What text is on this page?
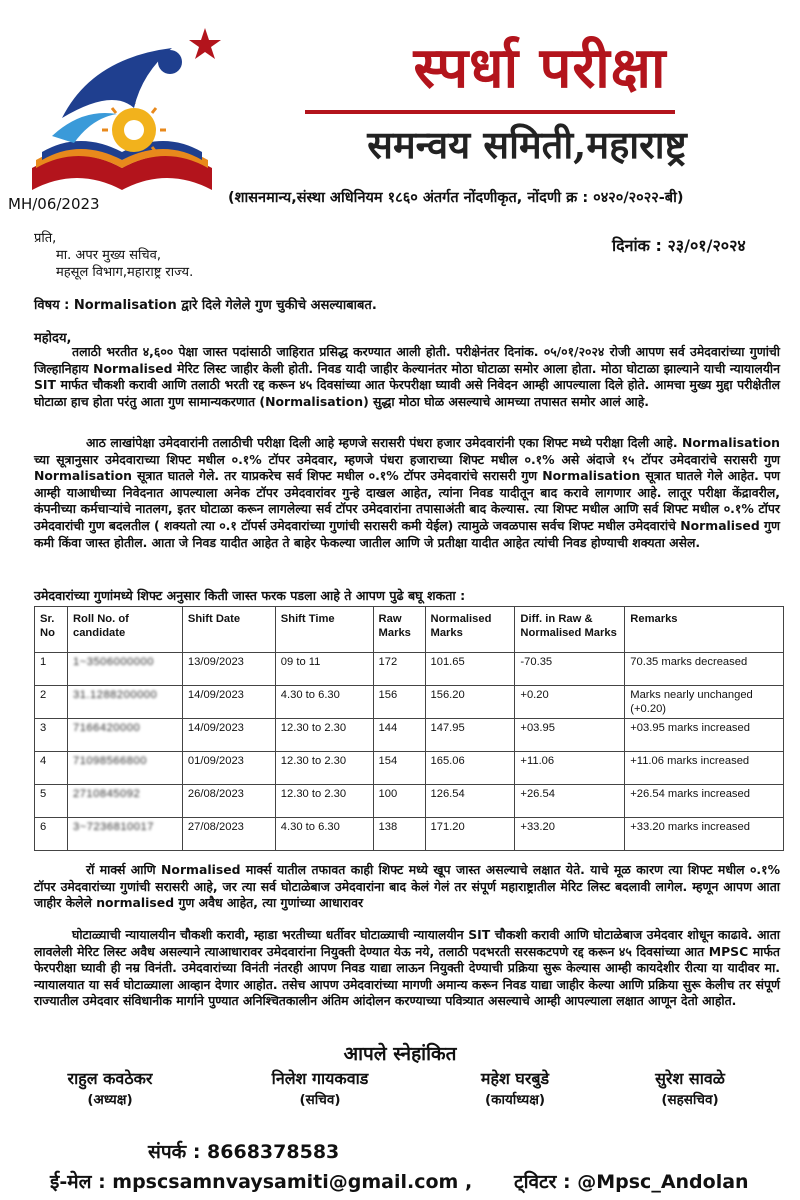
स्पर्धा परीक्षा
समन्वय समिती,महाराष्ट्र
MH/06/2023	(शासनमान्य,संस्था अधिनियम १८६० अंतर्गत नोंदणीकृत, नोंदणी क्र : ०४२०/२०२२-बी)
प्रति,
मा. अपर मुख्य सचिव,
महसूल विभाग,महाराष्ट्र राज्य.
दिनांक : २३/०१/२०२४
विषय : Normalisation द्वारे दिले गेलेले गुण चुकीचे असल्याबाबत.
महोदय,
तलाठी भरतीत ४,६०० पेक्षा जास्त पदांसाठी जाहिरात प्रसिद्ध करण्यात आली होती. परीक्षेनंतर दिनांक. ०५/०१/२०२४ रोजी आपण सर्व उमेदवारांच्या गुणांची जिल्हानिहाय Normalised मेरिट लिस्ट जाहीर केली होती. निवड यादी जाहीर केल्यानंतर मोठा घोटाळा समोर आला होता. मोठा घोटाळा झाल्याने याची न्यायालयीन SIT मार्फत चौकशी करावी आणि तलाठी भरती रद्द करून ४५ दिवसांच्या आत फेरपरीक्षा घ्यावी असे निवेदन आम्ही आपल्याला दिले होते. आमचा मुख्य मुद्दा परीक्षेतील घोटाळा हाच होता परंतु आता गुण सामान्यकरणात (Normalisation) सुद्धा मोठा घोळ असल्याचे आमच्या तपासत समोर आलं आहे.
आठ लाखांपेक्षा उमेदवारांनी तलाठीची परीक्षा दिली आहे म्हणजे सरासरी पंधरा हजार उमेदवारांनी एका शिफ्ट मध्ये परीक्षा दिली आहे. Normalisation च्या सूत्रानुसार उमेदवाराच्या शिफ्ट मधील ०.१% टॉपर उमेदवार, म्हणजे पंधरा हजाराच्या शिफ्ट मधील ०.१% असे अंदाजे १५ टॉपर उमेदवारांचे सरासरी गुण Normalisation सूत्रात घातले गेले. तर याप्रकरेच सर्व शिफ्ट मधील ०.१% टॉपर उमेदवारांचे सरासरी गुण Normalisation सूत्रात घातले गेले आहेत. पण आम्ही याआधीच्या निवेदनात आपल्याला अनेक टॉपर उमेदवारांवर गुन्हे दाखल आहेत, त्यांना निवड यादीतून बाद करावे लागणार आहे. लातूर परीक्षा केंद्रावरील, कंपनीच्या कर्मचाऱ्यांचे नातलग, इतर घोटाळा करून लागलेल्या सर्व टॉपर उमेदवारांना तपासाअंती बाद केल्यास. त्या शिफ्ट मधील आणि सर्व शिफ्ट मधील ०.१% टॉपर उमेदवारांची गुण बदलतील ( शक्यतो त्या ०.१ टॉपर्स उमेदवारांच्या गुणांची सरासरी कमी येईल) त्यामुळे जवळपास सर्वच शिफ्ट मधील उमेदवारांचे Normalised गुण कमी किंवा जास्त होतील. आता जे निवड यादीत आहेत ते बाहेर फेकल्या जातील आणि जे प्रतीक्षा यादीत आहेत त्यांची निवड होण्याची शक्यता असेल.
उमेदवारांच्या गुणांमध्ये शिफ्ट अनुसार किती जास्त फरक पडला आहे ते आपण पुढे बघू शकता :
Sr. No	Roll No. of candidate	Shift Date	Shift Time	Raw Marks	Normalised Marks	Diff. in Raw & Normalised Marks	Remarks
1	1~3506000000	13/09/2023	09 to 11	172	101.65	-70.35	70.35 marks decreased
2	31.1288200000	14/09/2023	4.30 to 6.30	156	156.20	+0.20	Marks nearly unchanged (+0.20)
3	7166420000	14/09/2023	12.30 to 2.30	144	147.95	+03.95	+03.95 marks increased
4	71098566800	01/09/2023	12.30 to 2.30	154	165.06	+11.06	+11.06 marks increased
5	2710845092	26/08/2023	12.30 to 2.30	100	126.54	+26.54	+26.54 marks increased
6	3~7236810017	27/08/2023	4.30 to 6.30	138	171.20	+33.20	+33.20 marks increased
रॉ मार्क्स आणि Normalised मार्क्स यातील तफावत काही शिफ्ट मध्ये खूप जास्त असल्याचे लक्षात येते. याचे मूळ कारण त्या शिफ्ट मधील ०.१% टॉपर उमेदवारांच्या गुणांची सरासरी आहे, जर त्या सर्व घोटाळेबाज उमेदवारांना बाद केलं गेलं तर संपूर्ण महाराष्ट्रातील मेरिट लिस्ट बदलावी लागेल. म्हणून आपण आता जाहीर केलेले normalised गुण अवैध आहेत, त्या गुणांच्या आधारावर
घोटाळ्याची न्यायालयीन चौकशी करावी, म्हाडा भरतीच्या धर्तीवर घोटाळ्याची न्यायालयीन SIT चौकशी करावी आणि घोटाळेबाज उमेदवार शोधून काढावे. आता लावलेली मेरिट लिस्ट अवैध असल्याने त्याआधारावर उमेदवारांना नियुक्ती देण्यात येऊ नये, तलाठी पदभरती सरसकटपणे रद्द करून ४५ दिवसांच्या आत MPSC मार्फत फेरपरीक्षा घ्यावी ही नम्र विनंती. उमेदवारांच्या विनंती नंतरही आपण निवड याद्या लाऊन नियुक्ती देण्याची प्रक्रिया सुरू केल्यास आम्ही कायदेशीर रीत्या या यादीवर मा. न्यायालयात या सर्व घोटाळ्याला आव्हान देणार आहोत. तसेच आपण उमेदवारांच्या मागणी अमान्य करून निवड याद्या जाहीर केल्या आणि प्रक्रिया सुरू केलीच तर संपूर्ण राज्यातील उमेदवार संविधानीक मार्गाने पुण्यात अनिश्चितकालीन अंतिम आंदोलन करण्याच्या पवित्र्यात असल्याचे आम्ही आपल्याला लक्षात आणून देतो आहोत.
आपले स्नेहांकित
राहुल कवठेकर
(अध्यक्ष)
निलेश गायकवाड
(सचिव)
महेश घरबुडे
(कार्याध्यक्ष)
सुरेश सावळे
(सहसचिव)
संपर्क : 8668378583
ई-मेल : mpscsamnvaysamiti@gmail.com , ट्विटर : @Mpsc_Andolan
